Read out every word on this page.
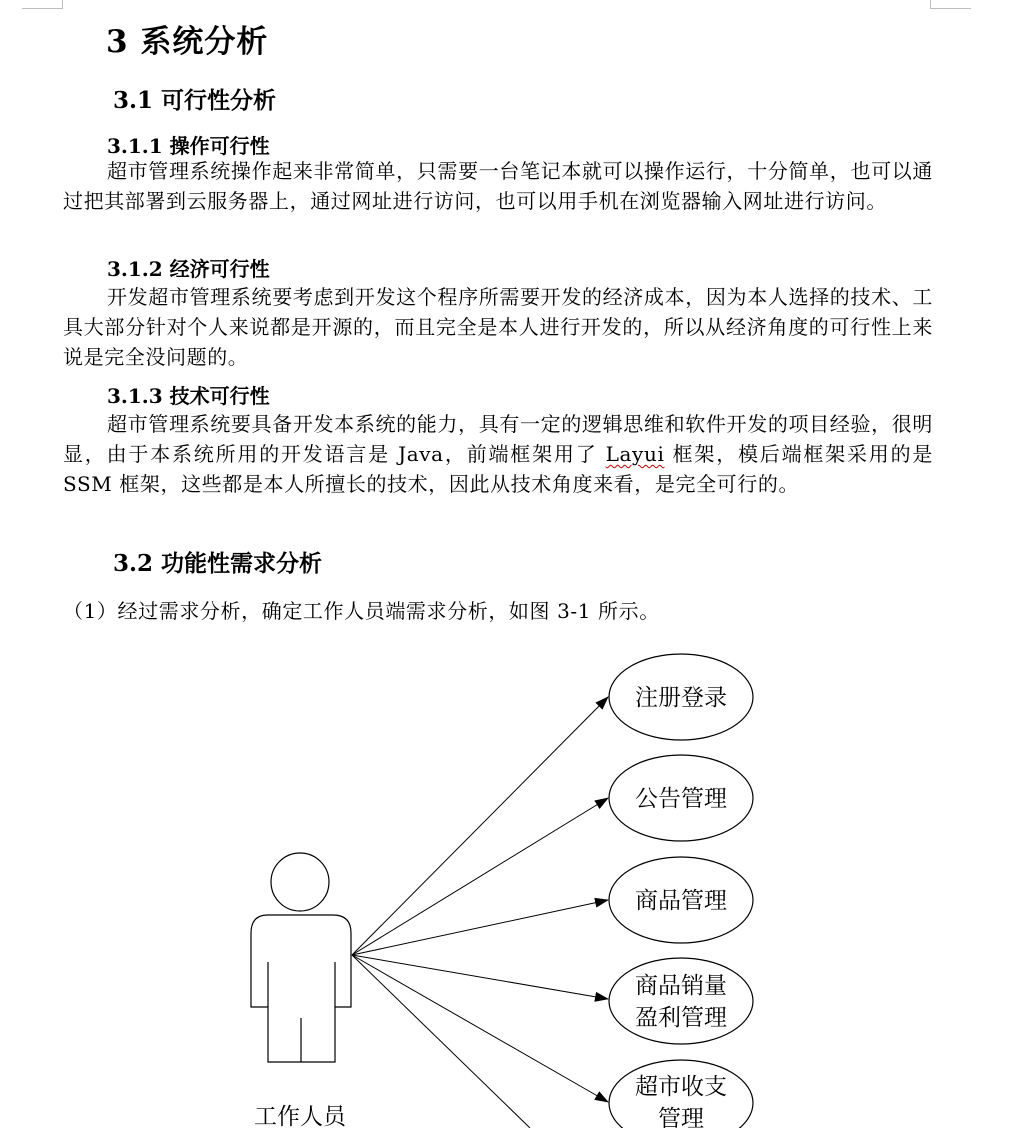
3 系统分析
3.1 可行性分析
3.1.1 操作可行性
超市管理系统操作起来非常简单，只需要一台笔记本就可以操作运行，十分简单，也可以通过把其部署到云服务器上，通过网址进行访问，也可以用手机在浏览器输入网址进行访问。
3.1.2 经济可行性
开发超市管理系统要考虑到开发这个程序所需要开发的经济成本，因为本人选择的技术、工具大部分针对个人来说都是开源的，而且完全是本人进行开发的，所以从经济角度的可行性上来说是完全没问题的。
3.1.3 技术可行性
超市管理系统要具备开发本系统的能力，具有一定的逻辑思维和软件开发的项目经验，很明显，由于本系统所用的开发语言是 Java，前端框架用了 Layui 框架，模后端框架采用的是 SSM 框架，这些都是本人所擅长的技术，因此从技术角度来看，是完全可行的。
3.2 功能性需求分析
（1）经过需求分析，确定工作人员端需求分析，如图 3-1 所示。
工作人员
注册登录
公告管理
商品管理
商品销量
盈利管理
超市收支
管理
